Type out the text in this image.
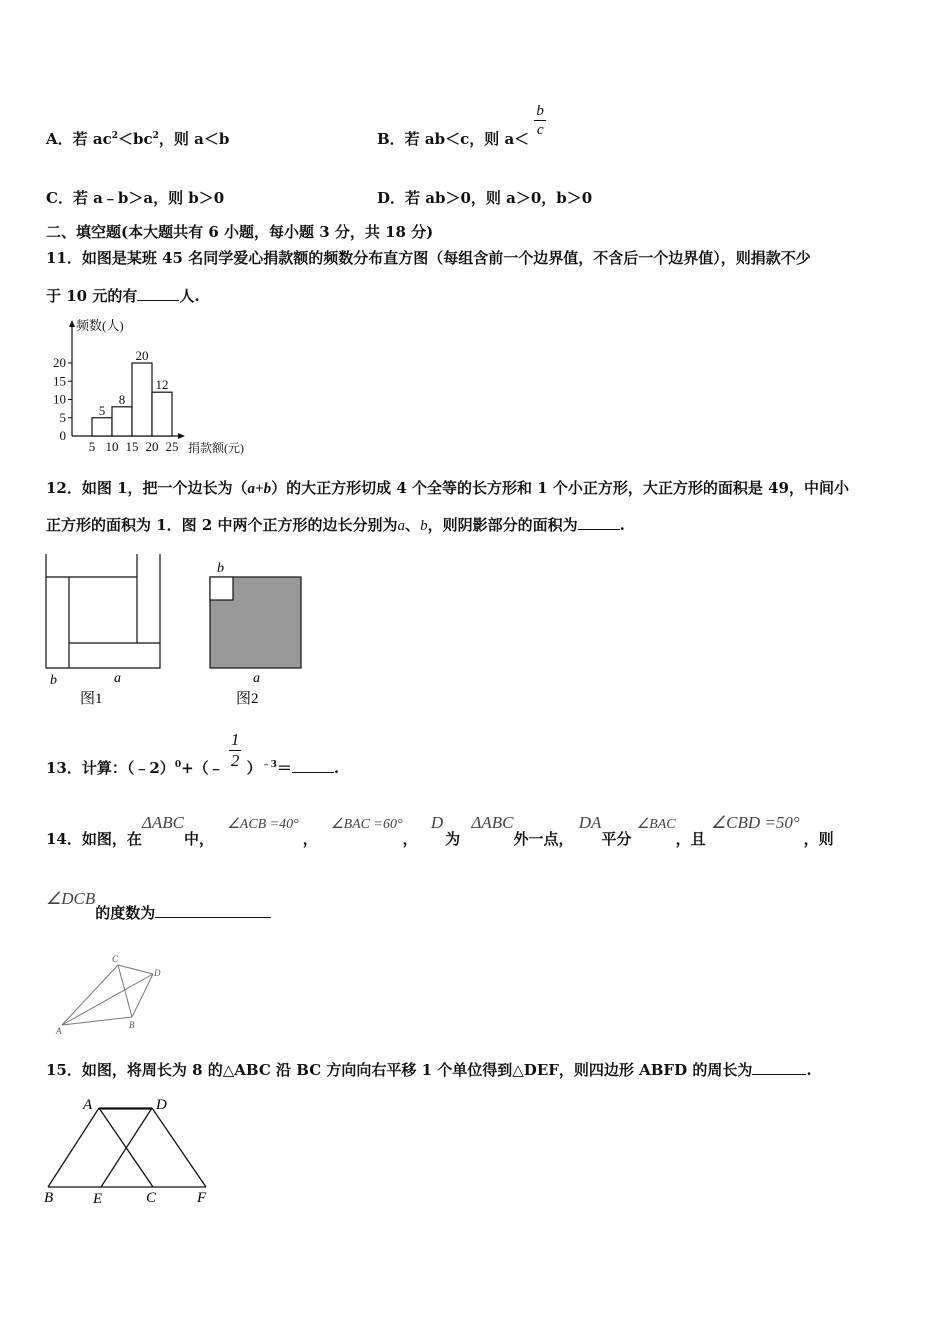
A．若 $ac^2<bc^2$，则 a＜b	B．若 ab＜c，则 $a< \frac{b}{c}$
C．若 a﹣b＞a，则 b＞0	D．若 ab＞0，则 a＞0，b＞0
二、填空题(本大题共有 6 小题，每小题 3 分，共 18 分)
11．如图是某班 45 名同学爱心捐款额的频数分布直方图（每组含前一个边界值，不含后一个边界值），则捐款不少
于 10 元的有	人.
0
5
10
15
20
5 10 15 20 25
5
8
20
12
频数(人)
捐款额(元)
12．如图 1，把一个边长为（a+b）的大正方形切成 4 个全等的长方形和 1 个小正方形，大正方形的面积是 49，中间小
正方形的面积为 1．图 2 中两个正方形的边长分别为a、b，则阴影部分的面积为	.
b	a
图1
b
a
图2
13．计算：（﹣2）$^0$+（﹣ $\frac{1}{2} )^{﹣3}=$	.
14．如图，在ΔABC中， ∠ACB =40°， ∠BAC =60°， D为 ΔABC外一点， DA平分 ∠BAC，且 ∠CBD =50°，则
∠DCB的度数为
A
B
C
D
15．如图，将周长为 8 的△ABC 沿 BC 方向向右平移 1 个单位得到△DEF，则四边形 ABFD 的周长为	.
A	D
B	E	C	F
